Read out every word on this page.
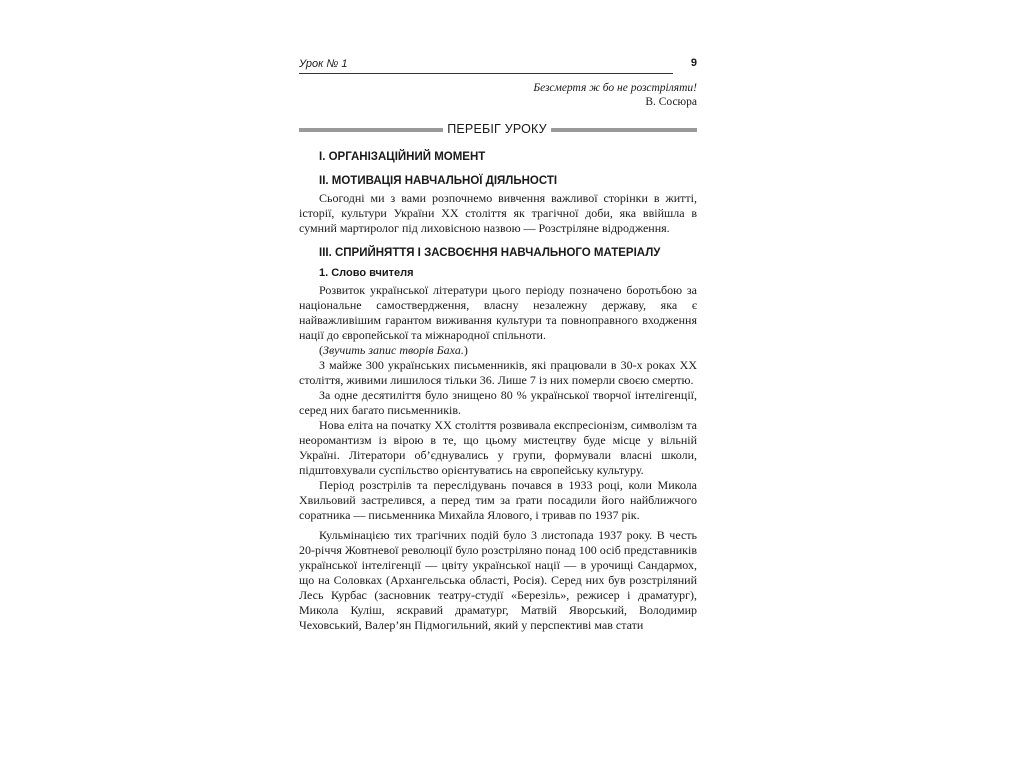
Урок № 1	9
Безсмертя ж бо не розстріляти!
В. Сосюра
ПЕРЕБІГ УРОКУ
I. ОРГАНІЗАЦІЙНИЙ МОМЕНТ
II. МОТИВАЦІЯ НАВЧАЛЬНОЇ ДІЯЛЬНОСТІ

Сьогодні ми з вами розпочнемо вивчення важливої сторінки в житті, історії, культури України ХХ століття як трагічної доби, яка ввійшла в сумний мартиролог під лиховісною назвою — Розстріляне відродження.

III. СПРИЙНЯТТЯ І ЗАСВОЄННЯ НАВЧАЛЬНОГО МАТЕРІАЛУ
1. Слово вчителя

Розвиток української літератури цього періоду позначено боротьбою за національне самоствердження, власну незалежну державу, яка є найважливішим гарантом виживання культури та повноправного входження нації до європейської та міжнародної спільноти.

(Звучить запис творів Баха.)

З майже 300 українських письменників, які працювали в 30-х роках ХХ століття, живими лишилося тільки 36. Лише 7 із них померли своєю смертю.

За одне десятиліття було знищено 80 % української творчої інтелігенції, серед них багато письменників.

Нова еліта на початку ХХ століття розвивала експресіонізм, символізм та неоромантизм із вірою в те, що цьому мистецтву буде місце у вільній Україні. Літератори об’єднувались у групи, формували власні школи, підштовхували суспільство орієнтуватись на європейську культуру.

Період розстрілів та переслідувань почався в 1933 році, коли Микола Хвильовий застрелився, а перед тим за ґрати посадили його найближчого соратника — письменника Михайла Ялового, і тривав по 1937 рік.

Кульмінацією тих трагічних подій було 3 листопада 1937 року. В честь 20-річчя Жовтневої революції було розстріляно понад 100 осіб представників української інтелігенції — цвіту української нації — в урочищі Сандармох, що на Соловках (Архангельська області, Росія). Серед них був розстріляний Лесь Курбас (засновник театру-студії «Березіль», режисер і драматург), Микола Куліш, яскравий драматург, Матвій Яворський, Володимир Чеховський, Валер’ян Підмогильний, який у перспективі мав стати
